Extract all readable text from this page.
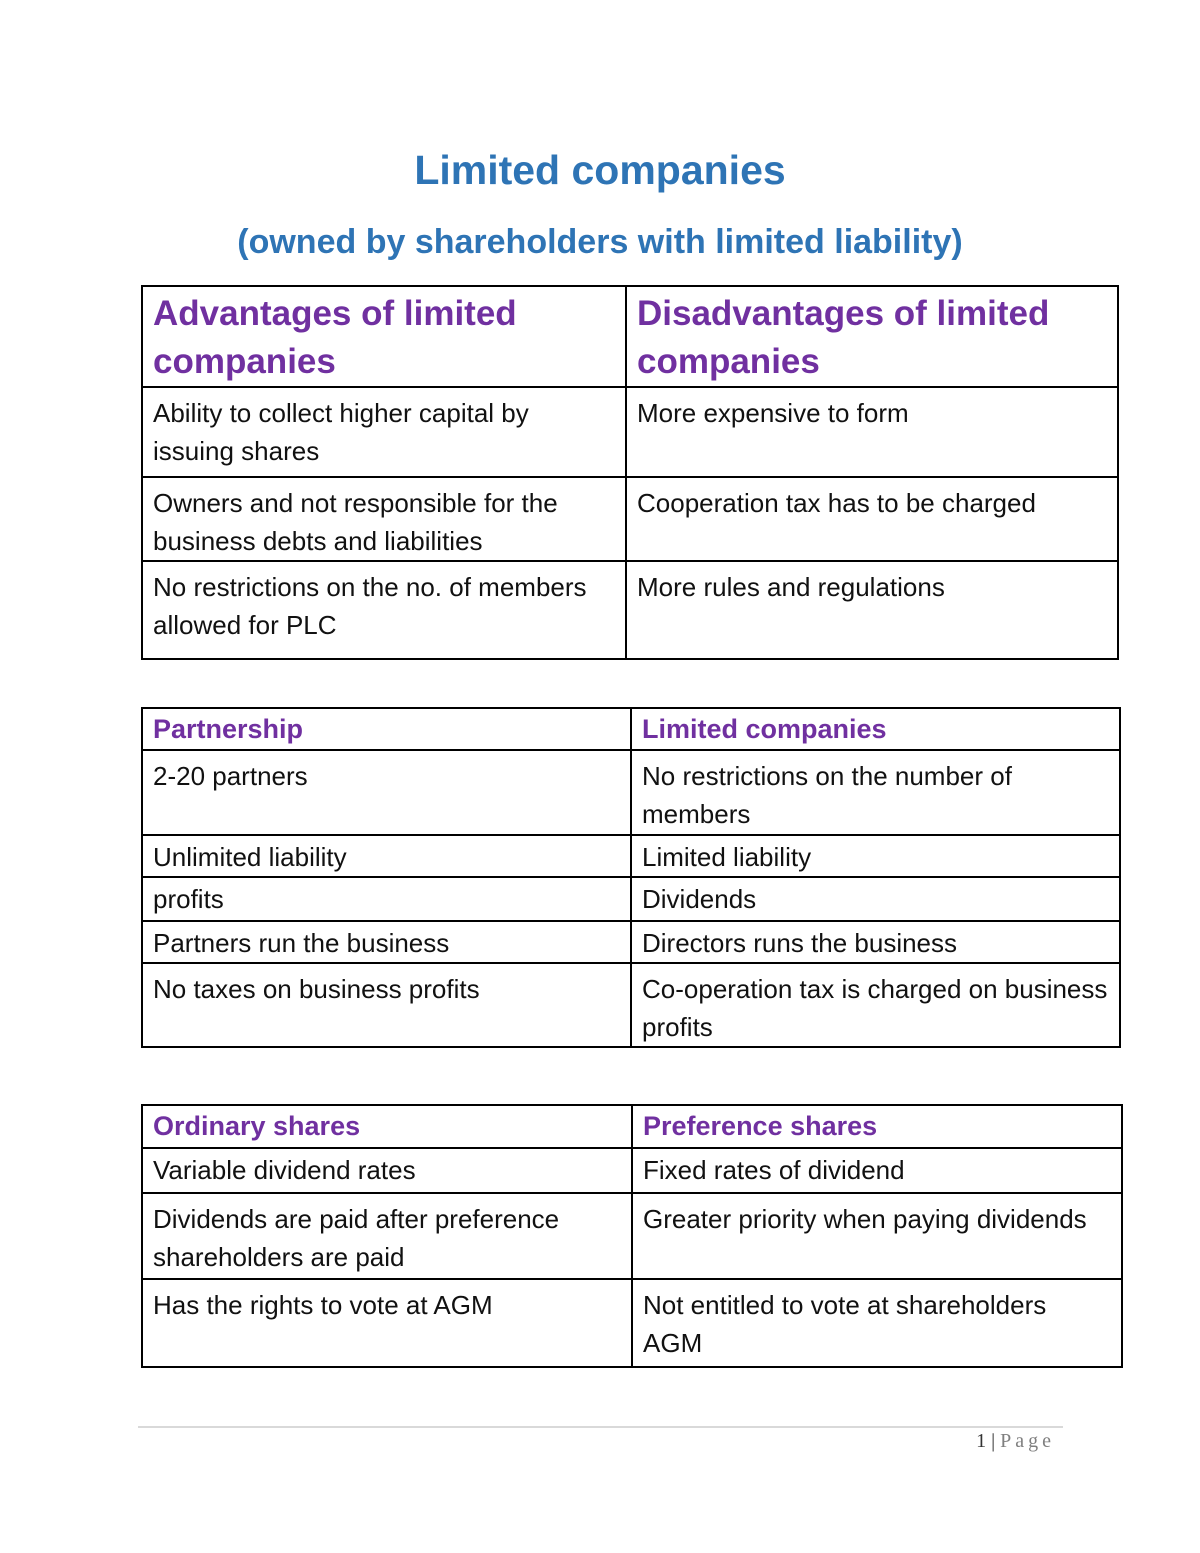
Limited companies
(owned by shareholders with limited liability)
Advantages of limited companies	Disadvantages of limited companies
Ability to collect higher capital by issuing shares	More expensive to form
Owners and not responsible for the business debts and liabilities	Cooperation tax has to be charged
No restrictions on the no. of members allowed for PLC	More rules and regulations
Partnership	Limited companies
2-20 partners	No restrictions on the number of members
Unlimited liability	Limited liability
profits	Dividends
Partners run the business	Directors runs the business
No taxes on business profits	Co-operation tax is charged on business profits
Ordinary shares	Preference shares
Variable dividend rates	Fixed rates of dividend
Dividends are paid after preference shareholders are paid	Greater priority when paying dividends
Has the rights to vote at AGM	Not entitled to vote at shareholders AGM
1 | Page
